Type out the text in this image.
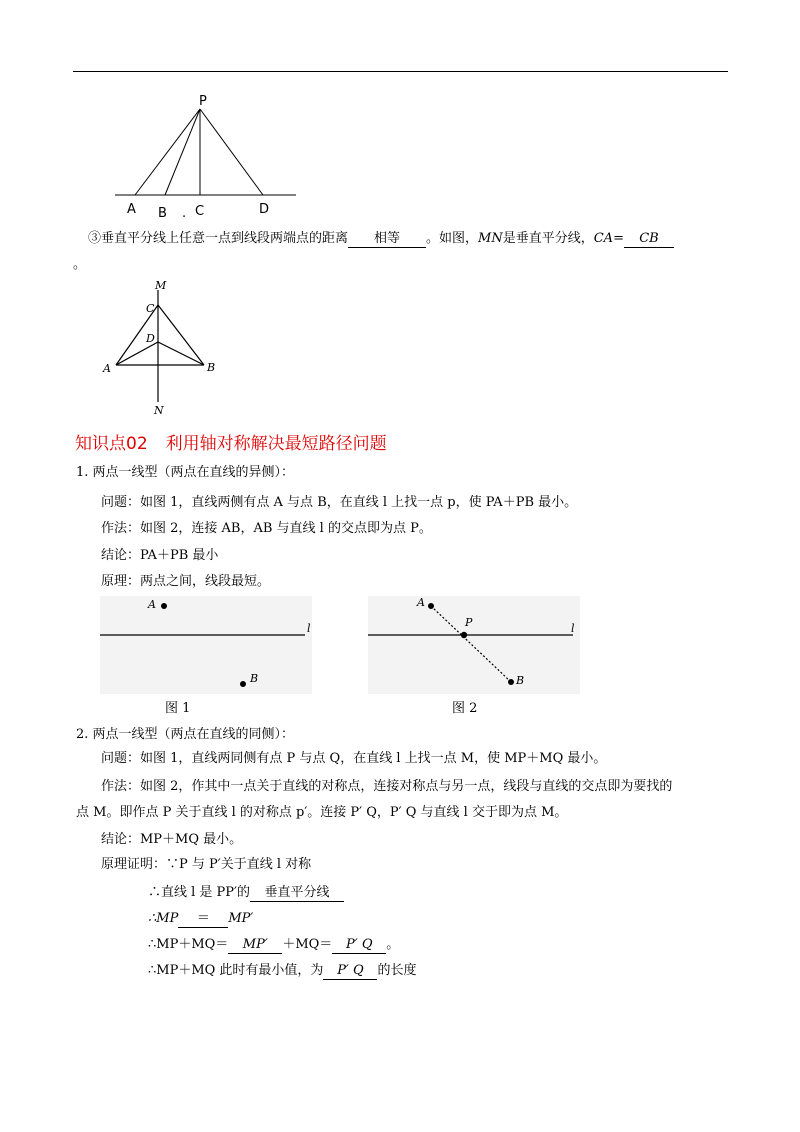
P
A B . C	D
③垂直平分线上任意一点到线段两端点的距离 相等 。如图，MN是垂直平分线，CA= CB
。
M
C
D
A	B
N
知识点02 利用轴对称解决最短路径问题
1. 两点一线型（两点在直线的异侧）：
问题：如图 1，直线两侧有点 A 与点 B，在直线 l 上找一点 p，使 PA＋PB 最小。
作法：如图 2，连接 AB，AB 与直线 l 的交点即为点 P。
结论：PA＋PB 最小
原理：两点之间，线段最短。
A
B
l
图 1
A
P
B
l
图 2
2. 两点一线型（两点在直线的同侧）：
问题：如图 1，直线两同侧有点 P 与点 Q，在直线 l 上找一点 M，使 MP＋MQ 最小。
作法：如图 2，作其中一点关于直线的对称点，连接对称点与另一点，线段与直线的交点即为要找的
点 M。即作点 P 关于直线 l 的对称点 p′。连接 P′ Q，P′ Q 与直线 l 交于即为点 M。
结论：MP＋MQ 最小。
原理证明：∵P 与 P′关于直线 l 对称
∴直线 l 是 PP′的 垂直平分线
∴MP ＝ MP′
∴MP＋MQ＝ MP′ ＋MQ＝ P′ Q 。
∴MP＋MQ 此时有最小值，为 P′ Q 的长度
